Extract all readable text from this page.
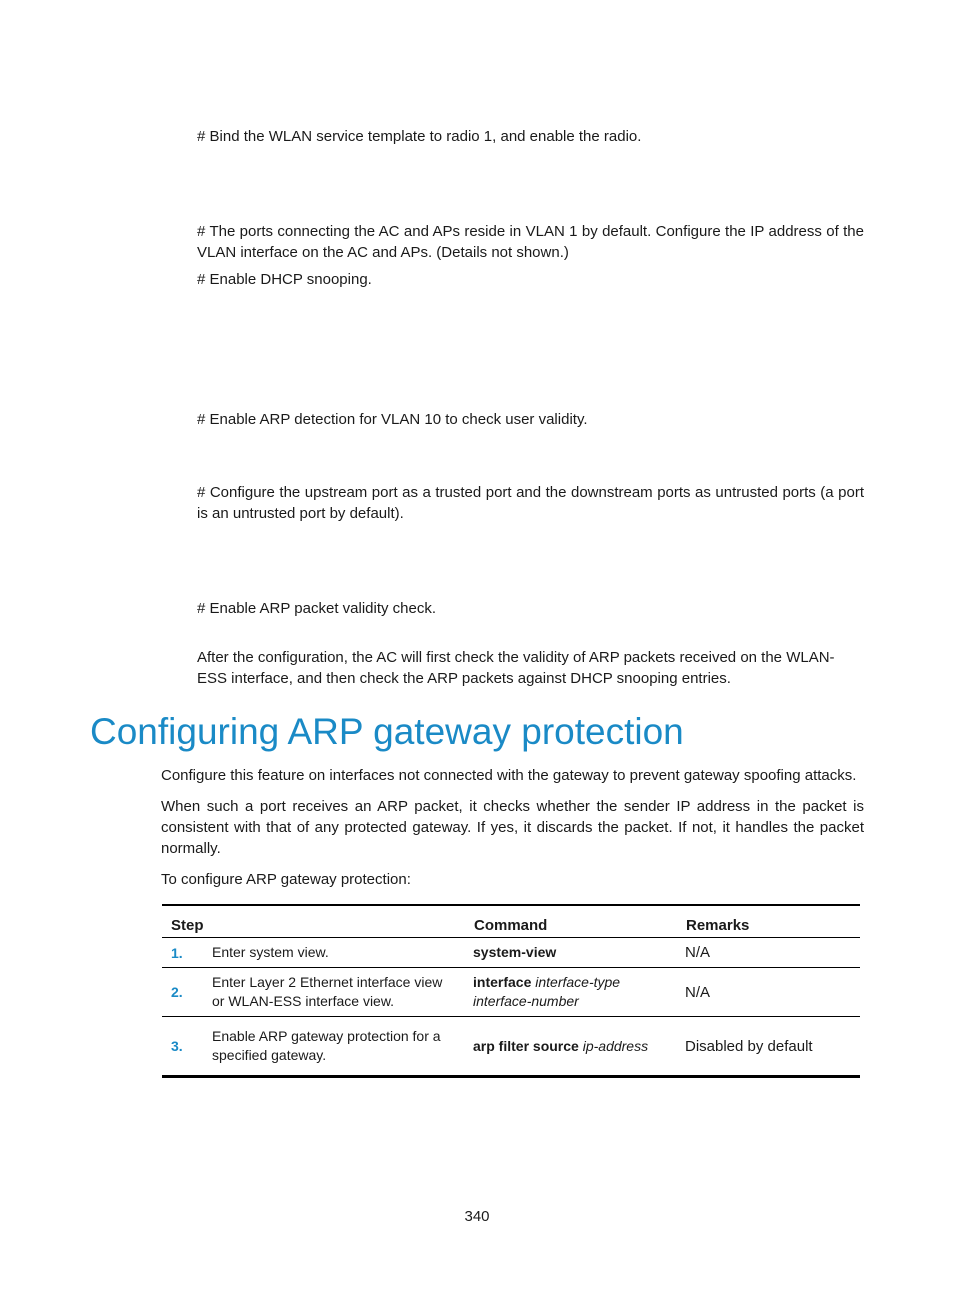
# Bind the WLAN service template to radio 1, and enable the radio.

# The ports connecting the AC and APs reside in VLAN 1 by default. Configure the IP address of the VLAN interface on the AC and APs. (Details not shown.)

# Enable DHCP snooping.

# Enable ARP detection for VLAN 10 to check user validity.

# Configure the upstream port as a trusted port and the downstream ports as untrusted ports (a port is an untrusted port by default).

# Enable ARP packet validity check.

After the configuration, the AC will first check the validity of ARP packets received on the WLAN-ESS interface, and then check the ARP packets against DHCP snooping entries.

Configuring ARP gateway protection

Configure this feature on interfaces not connected with the gateway to prevent gateway spoofing attacks.

When such a port receives an ARP packet, it checks whether the sender IP address in the packet is consistent with that of any protected gateway. If yes, it discards the packet. If not, it handles the packet normally.

To configure ARP gateway protection:

Step		Command	Remarks
1.	Enter system view.	system-view	N/A
2.	Enter Layer 2 Ethernet interface view or WLAN-ESS interface view.	interface interface-type interface-number	N/A
3.	Enable ARP gateway protection for a specified gateway.	arp filter source ip-address	Disabled by default
340
